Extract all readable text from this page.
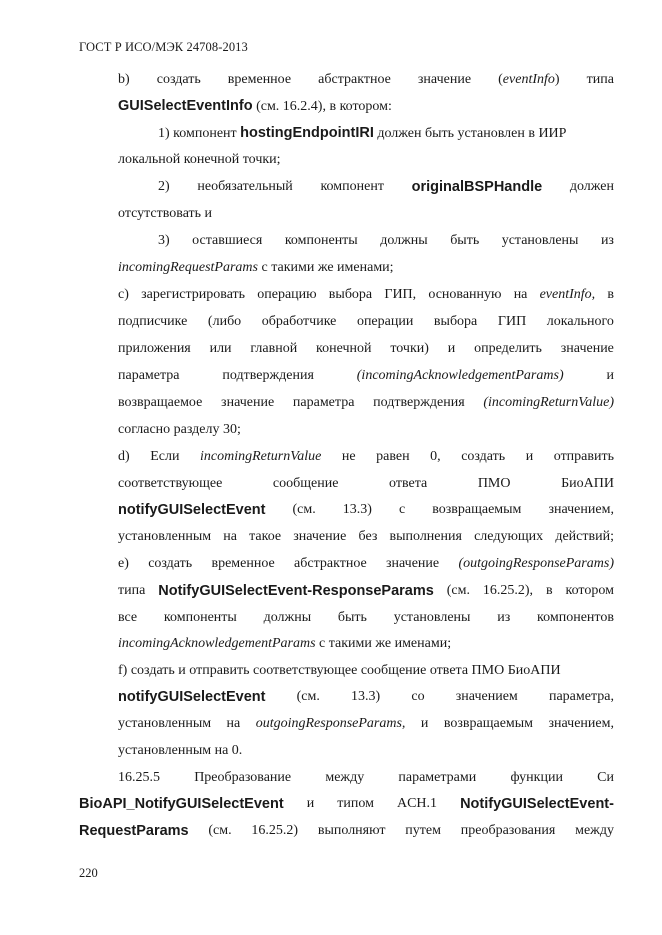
ГОСТ Р ИСО/МЭК 24708-2013
b) создать временное абстрактное значение (eventInfo) типа
GUISelectEventInfo (см. 16.2.4), в котором:
1) компонент hostingEndpointIRI должен быть установлен в ИИР
локальной конечной точки;
2) необязательный компонент originalBSPHandle должен
отсутствовать и
3) оставшиеся компоненты должны быть установлены из
incomingRequestParams с такими же именами;
c) зарегистрировать операцию выбора ГИП, основанную на eventInfo, в
подписчике (либо обработчике операции выбора ГИП локального
приложения или главной конечной точки) и определить значение
параметра	подтверждения	(incomingAcknowledgementParams)	и
возвращаемое значение параметра подтверждения (incomingReturnValue)
согласно разделу 30;
d) Если incomingReturnValue не равен 0, создать и отправить
соответствующее	сообщение	ответа	ПМО	БиоАПИ
notifyGUISelectEvent (см. 13.3) с возвращаемым значением,
установленным на такое значение без выполнения следующих действий;
e) создать временное абстрактное значение (outgoingResponseParams)
типа NotifyGUISelectEvent-ResponseParams (см. 16.25.2), в котором
все компоненты должны быть установлены из компонентов
incomingAcknowledgementParams с такими же именами;
f) создать и отправить соответствующее сообщение ответа ПМО БиоАПИ
notifyGUISelectEvent (см. 13.3) со значением параметра,
установленным на outgoingResponseParams, и возвращаемым значением,
установленным на 0.
16.25.5 Преобразование между параметрами функции Си
BioAPI_NotifyGUISelectEvent и типом ACH.1 NotifyGUISelectEvent-
RequestParams (см. 16.25.2) выполняют путем преобразования между
220
